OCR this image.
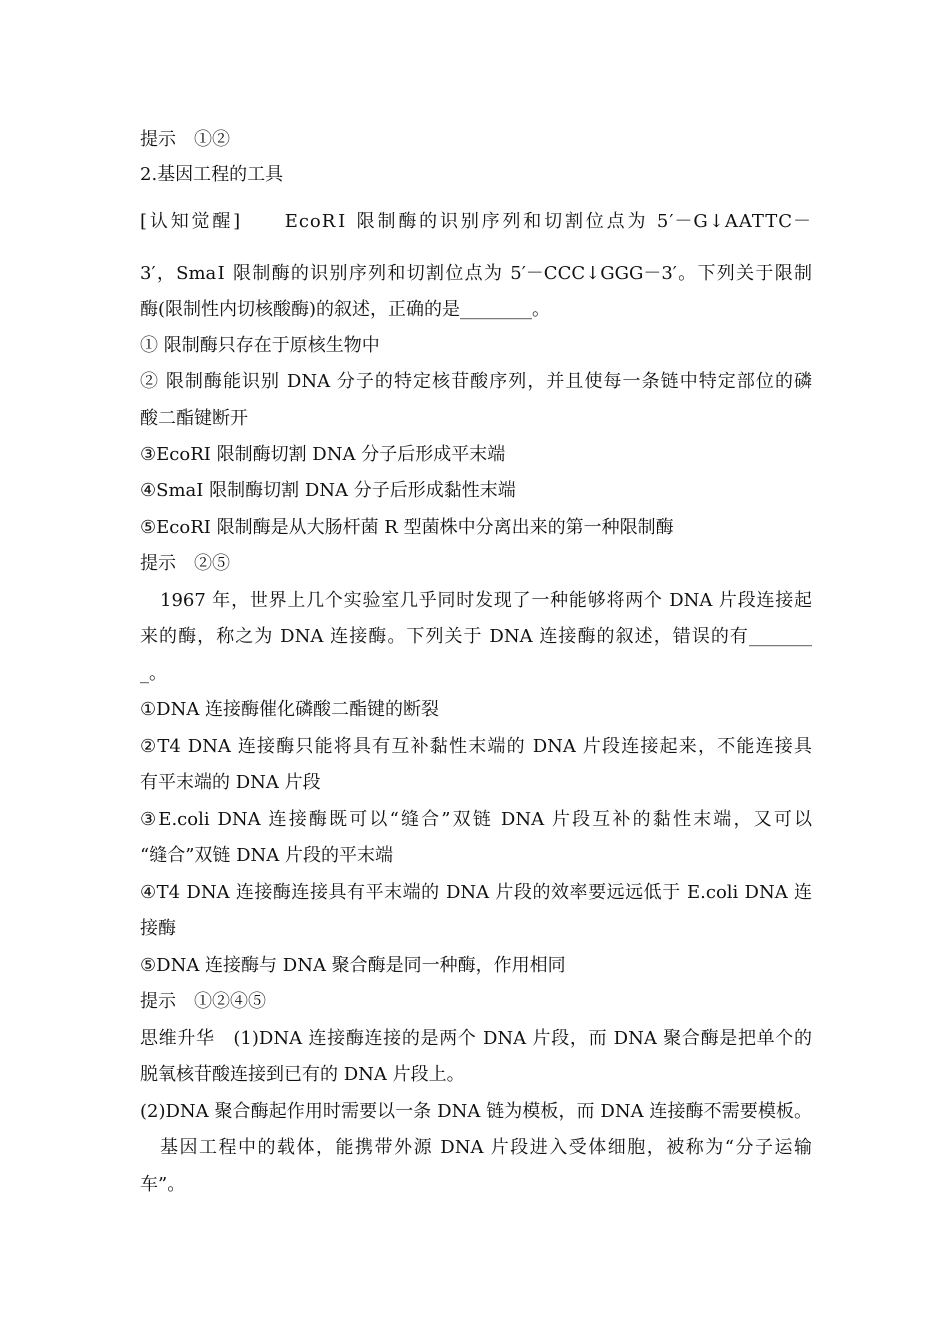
提示　①②
2.基因工程的工具
[认知觉醒]　　EcoRⅠ 限制酶的识别序列和切割位点为 5′－G↓AATTC－
3′，SmaⅠ 限制酶的识别序列和切割位点为 5′－CCC↓GGG－3′。下列关于限制
酶(限制性内切核酸酶)的叙述，正确的是________。
① 限制酶只存在于原核生物中
② 限制酶能识别 DNA 分子的特定核苷酸序列，并且使每一条链中特定部位的磷
酸二酯键断开
③EcoRⅠ 限制酶切割 DNA 分子后形成平末端
④SmaⅠ 限制酶切割 DNA 分子后形成黏性末端
⑤EcoRⅠ 限制酶是从大肠杆菌 R 型菌株中分离出来的第一种限制酶
提示　②⑤
1967 年，世界上几个实验室几乎同时发现了一种能够将两个 DNA 片段连接起
来的酶，称之为 DNA 连接酶。下列关于 DNA 连接酶的叙述，错误的有_______
_。
①DNA 连接酶催化磷酸二酯键的断裂
②T4 DNA 连接酶只能将具有互补黏性末端的 DNA 片段连接起来，不能连接具
有平末端的 DNA 片段
③E.coli DNA 连接酶既可以“缝合”双链 DNA 片段互补的黏性末端，又可以
“缝合”双链 DNA 片段的平末端
④T4 DNA 连接酶连接具有平末端的 DNA 片段的效率要远远低于 E.coli DNA 连
接酶
⑤DNA 连接酶与 DNA 聚合酶是同一种酶，作用相同
提示　①②④⑤
思维升华　(1)DNA 连接酶连接的是两个 DNA 片段，而 DNA 聚合酶是把单个的
脱氧核苷酸连接到已有的 DNA 片段上。
(2)DNA 聚合酶起作用时需要以一条 DNA 链为模板，而 DNA 连接酶不需要模板。
基因工程中的载体，能携带外源 DNA 片段进入受体细胞，被称为“分子运输
车”。
